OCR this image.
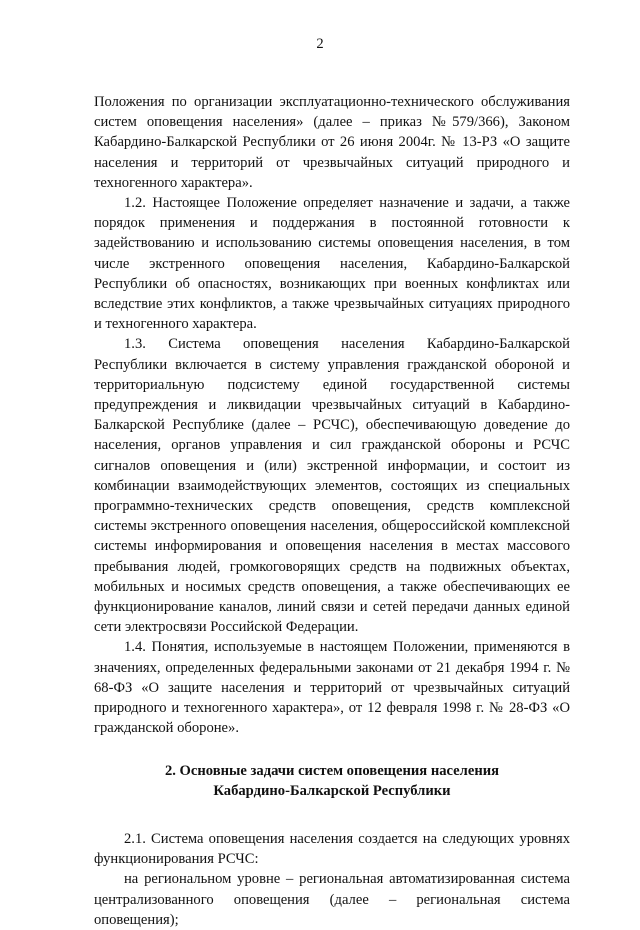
2

Положения по организации эксплуатационно-технического обслуживания систем оповещения населения» (далее – приказ №579/366), Законом Кабардино-Балкарской Республики от 26 июня 2004г. № 13-РЗ «О защите населения и территорий от чрезвычайных ситуаций природного и техногенного характера».

1.2. Настоящее Положение определяет назначение и задачи, а также порядок применения и поддержания в постоянной готовности к задействованию и использованию системы оповещения населения, в том числе экстренного оповещения населения, Кабардино-Балкарской Республики об опасностях, возникающих при военных конфликтах или вследствие этих конфликтов, а также чрезвычайных ситуациях природного и техногенного характера.

1.3. Система оповещения населения Кабардино-Балкарской Республики включается в систему управления гражданской обороной и территориальную подсистему единой государственной системы предупреждения и ликвидации чрезвычайных ситуаций в Кабардино-Балкарской Республике (далее – РСЧС), обеспечивающую доведение до населения, органов управления и сил гражданской обороны и РСЧС сигналов оповещения и (или) экстренной информации, и состоит из комбинации взаимодействующих элементов, состоящих из специальных программно-технических средств оповещения, средств комплексной системы экстренного оповещения населения, общероссийской комплексной системы информирования и оповещения населения в местах массового пребывания людей, громкоговорящих средств на подвижных объектах, мобильных и носимых средств оповещения, а также обеспечивающих ее функционирование каналов, линий связи и сетей передачи данных единой сети электросвязи Российской Федерации.

1.4. Понятия, используемые в настоящем Положении, применяются в значениях, определенных федеральными законами от 21 декабря 1994 г. № 68-ФЗ «О защите населения и территорий от чрезвычайных ситуаций природного и техногенного характера», от 12 февраля 1998 г. № 28-ФЗ «О гражданской обороне».

2. Основные задачи систем оповещения населения
Кабардино-Балкарской Республики

2.1. Система оповещения населения создается на следующих уровнях функционирования РСЧС:

на региональном уровне – региональная автоматизированная система централизованного оповещения (далее – региональная система оповещения);
